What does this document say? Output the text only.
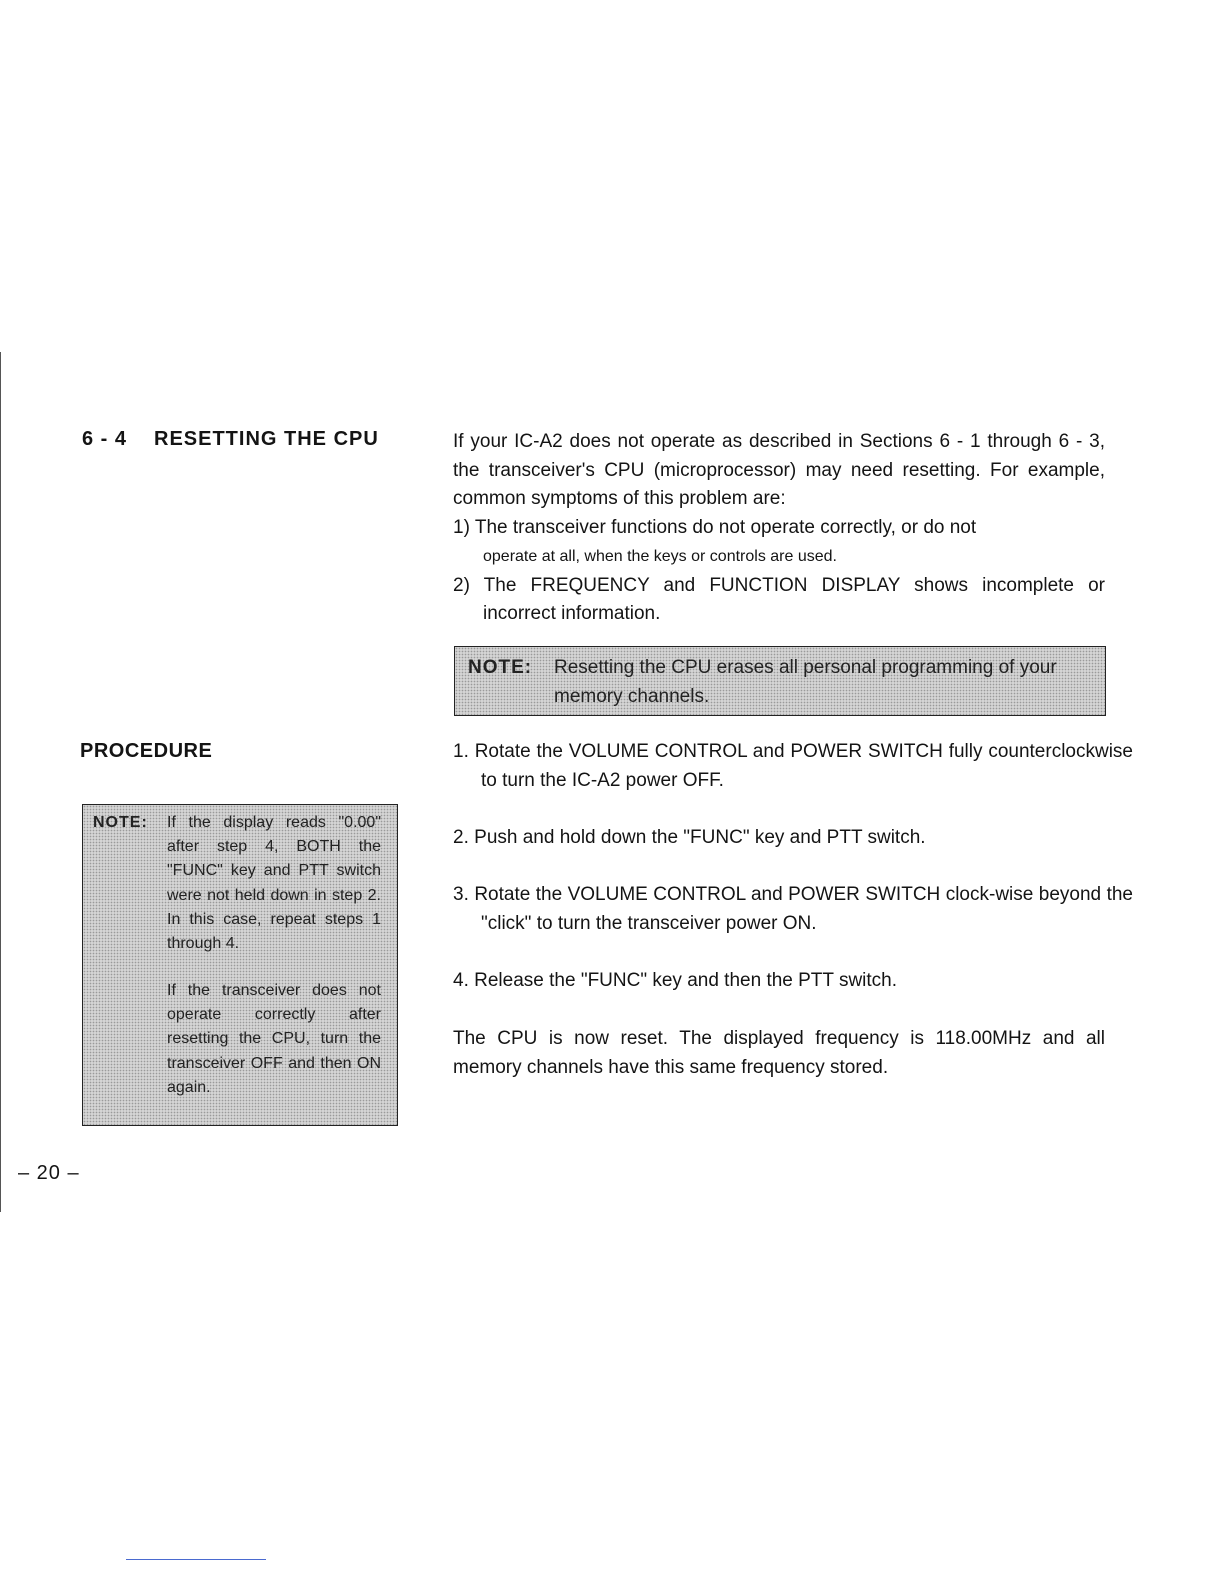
6 - 4 RESETTING THE CPU
PROCEDURE
NOTE: If the display reads "0.00" after step 4, BOTH the "FUNC" key and PTT switch were not held down in step 2. In this case, repeat steps 1 through 4.
If the transceiver does not operate correctly after resetting the CPU, turn the transceiver OFF and then ON again.
– 20 –

If your IC-A2 does not operate as described in Sections 6 - 1 through 6 - 3, the transceiver's CPU (microprocessor) may need resetting. For example, common symptoms of this problem are:

1) The transceiver functions do not operate correctly, or do not
operate at all, when the keys or controls are used.

2) The FREQUENCY and FUNCTION DISPLAY shows incomplete or incorrect information.

NOTE: Resetting the CPU erases all personal programming of your memory channels.

1. Rotate the VOLUME CONTROL and POWER SWITCH fully counterclockwise to turn the IC-A2 power OFF.

2. Push and hold down the "FUNC" key and PTT switch.

3. Rotate the VOLUME CONTROL and POWER SWITCH clock-wise beyond the "click" to turn the transceiver power ON.

4. Release the "FUNC" key and then the PTT switch.

The CPU is now reset. The displayed frequency is 118.00MHz and all memory channels have this same frequency stored.
